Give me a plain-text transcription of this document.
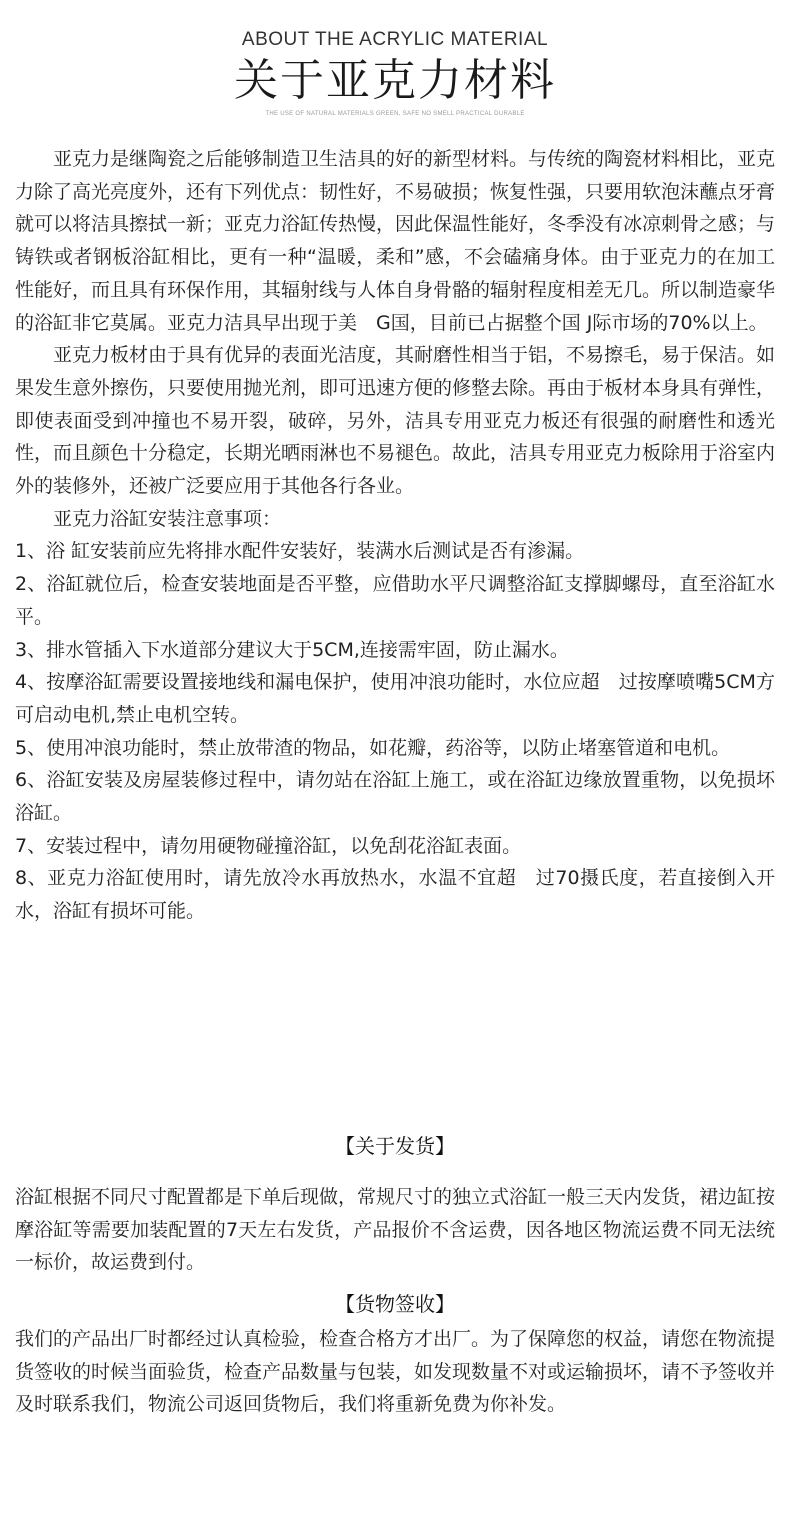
ABOUT THE ACRYLIC MATERIAL
关于亚克力材料
THE USE OF NATURAL MATERIALS GREEN, SAFE NO SMELL PRACTICAL DURABLE

亚克力是继陶瓷之后能够制造卫生洁具的好的新型材料。与传统的陶瓷材料相比，亚克力除了高光亮度外，还有下列优点：韧性好，不易破损；恢复性强，只要用软泡沫蘸点牙膏就可以将洁具擦拭一新；亚克力浴缸传热慢，因此保温性能好，冬季没有冰凉刺骨之感；与铸铁或者钢板浴缸相比，更有一种“温暖，柔和”感，不会磕痛身体。由于亚克力的在加工性能好，而且具有环保作用，其辐射线与人体自身骨骼的辐射程度相差无几。所以制造豪华的浴缸非它莫属。亚克力洁具早出现于美　G国，目前已占据整个国 J际市场的70%以上。

亚克力板材由于具有优异的表面光洁度，其耐磨性相当于铝，不易擦毛，易于保洁。如果发生意外擦伤，只要使用抛光剂，即可迅速方便的修整去除。再由于板材本身具有弹性，即使表面受到冲撞也不易开裂，破碎，另外，洁具专用亚克力板还有很强的耐磨性和透光性，而且颜色十分稳定，长期光晒雨淋也不易褪色。故此，洁具专用亚克力板除用于浴室内外的装修外，还被广泛要应用于其他各行各业。

亚克力浴缸安装注意事项：

1、浴 缸安装前应先将排水配件安装好，装满水后测试是否有渗漏。

2、浴缸就位后，检查安装地面是否平整，应借助水平尺调整浴缸支撑脚螺母，直至浴缸水平。

3、排水管插入下水道部分建议大于5CM,连接需牢固，防止漏水。

4、按摩浴缸需要设置接地线和漏电保护，使用冲浪功能时，水位应超　过按摩喷嘴5CM方可启动电机,禁止电机空转。

5、使用冲浪功能时，禁止放带渣的物品，如花瓣，药浴等，以防止堵塞管道和电机。

6、浴缸安装及房屋装修过程中，请勿站在浴缸上施工，或在浴缸边缘放置重物，以免损坏浴缸。

7、安装过程中，请勿用硬物碰撞浴缸，以免刮花浴缸表面。

8、亚克力浴缸使用时，请先放冷水再放热水，水温不宜超　过70摄氏度，若直接倒入开水，浴缸有损坏可能。

【关于发货】

浴缸根据不同尺寸配置都是下单后现做，常规尺寸的独立式浴缸一般三天内发货，裙边缸按摩浴缸等需要加装配置的7天左右发货，产品报价不含运费，因各地区物流运费不同无法统一标价，故运费到付。

【货物签收】

我们的产品出厂时都经过认真检验，检查合格方才出厂。为了保障您的权益，请您在物流提货签收的时候当面验货，检查产品数量与包装，如发现数量不对或运输损坏，请不予签收并及时联系我们，物流公司返回货物后，我们将重新免费为你补发。
